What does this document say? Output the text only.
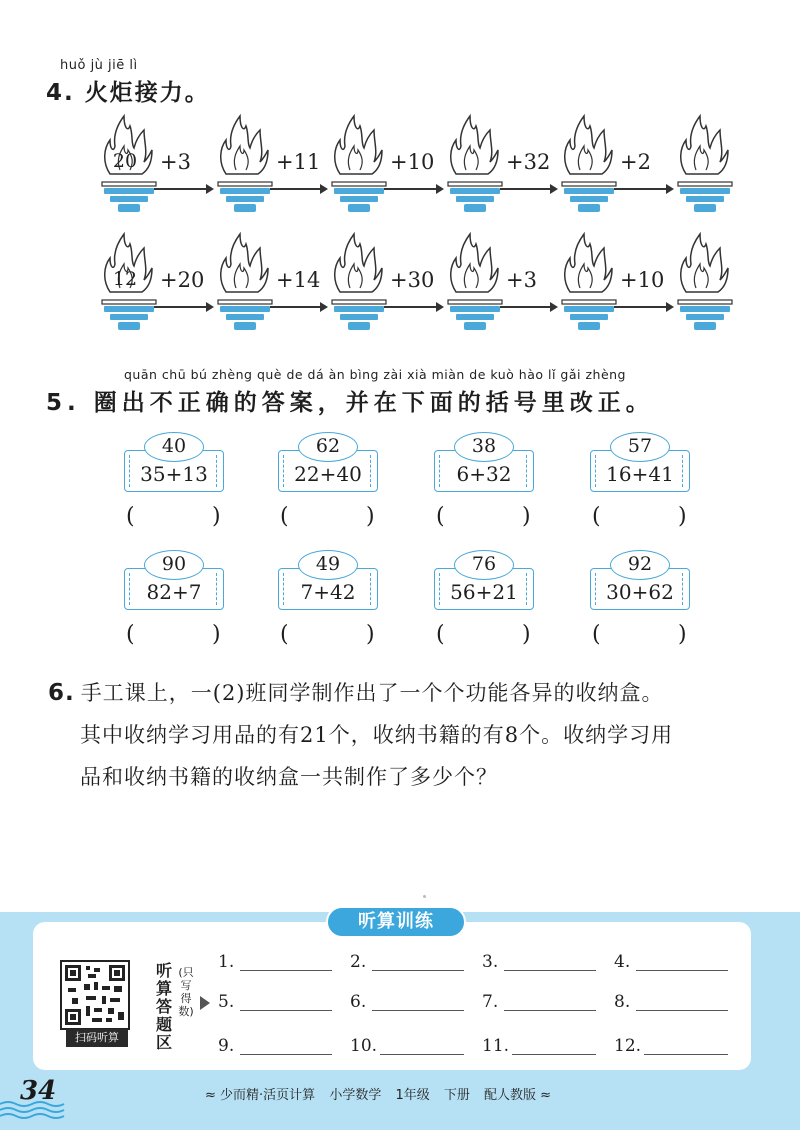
huǒ jù jiē lì
4. 火炬接力。
20	+3	+11	+10	+32	+2
12	+20	+14	+30	+3	+10
quān chū bú zhèng què de dá àn bìng zài xià miàn de kuò hào lǐ gǎi zhèng
5. 圈出不正确的答案，并在下面的括号里改正。
40
35+13
(	)
62
22+40
(	)
38
6+32
(	)
57
16+41
(	)
90
82+7
(	)
49
7+42
(	)
76
56+21
(	)
92
30+62
(	)
6. 手工课上，一(2)班同学制作出了一个个功能各异的收纳盒。
其中收纳学习用品的有21个，收纳书籍的有8个。收纳学习用
品和收纳书籍的收纳盒一共制作了多少个？
听算训练
扫码听算
听算答题区
(只写得数)
1.	2.	3.	4.
5.	6.	7.	8.
9.	10.	11.	12.
34	≈ 少而精·活页计算 小学数学 1年级 下册 配人教版 ≈
